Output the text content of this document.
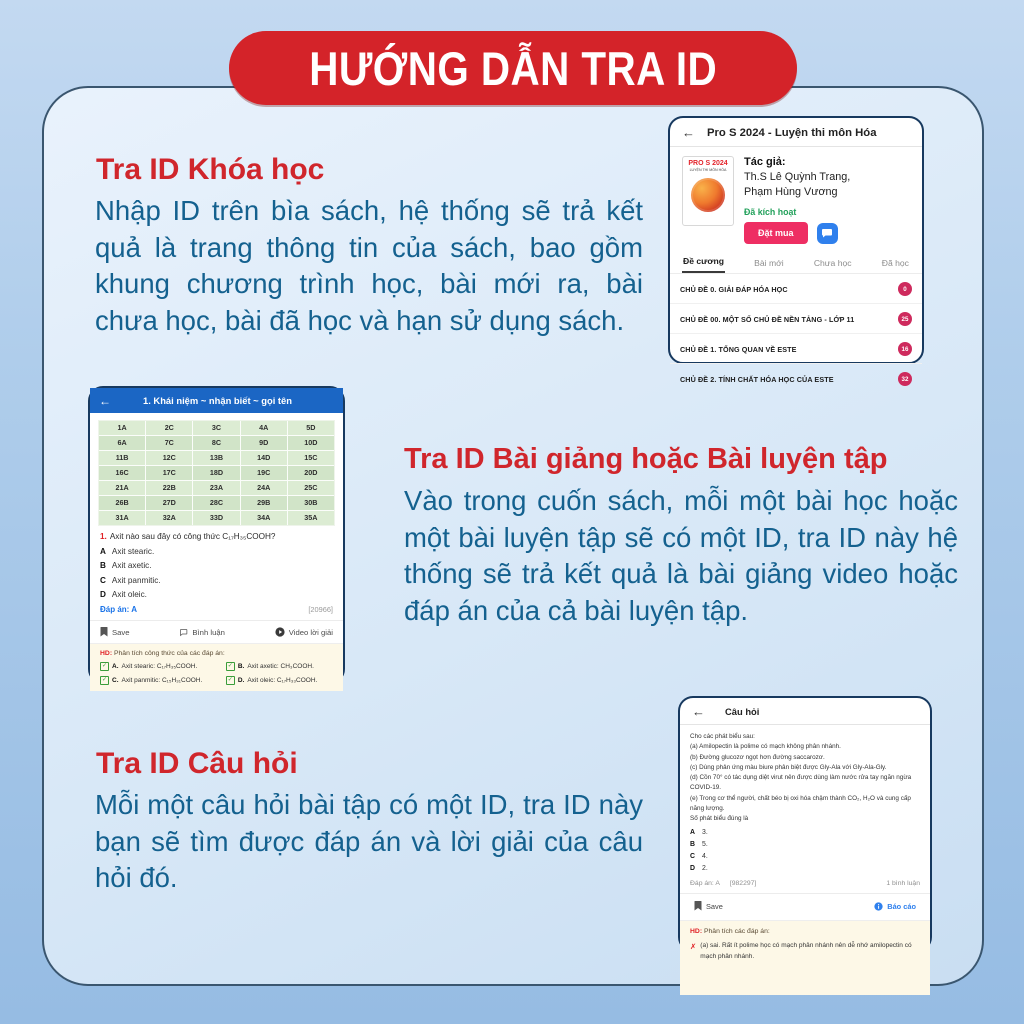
HƯỚNG DẪN TRA ID
Tra ID Khóa học
Nhập ID trên bìa sách, hệ thống sẽ trả kết quả là trang thông tin của sách, bao gồm khung chương trình học, bài mới ra, bài chưa học, bài đã học và hạn sử dụng sách.
Tra ID Bài giảng hoặc Bài luyện tập
Vào trong cuốn sách, mỗi một bài học hoặc một bài luyện tập sẽ có một ID, tra ID này hệ thống sẽ trả kết quả là bài giảng video hoặc đáp án của cả bài luyện tập.
Tra ID Câu hỏi
Mỗi một câu hỏi bài tập có một ID, tra ID này bạn sẽ tìm được đáp án và lời giải của câu hỏi đó.
← Pro S 2024 - Luyện thi môn Hóa
PRO S 2024
LUYỆN THI MÔN HÓA
Tác giả:
Th.S Lê Quỳnh Trang, Phạm Hùng Vương
Đã kích hoạt
Đặt mua
Đề cương	Bài mới	Chưa học	Đã học
CHỦ ĐỀ 0. GIẢI ĐÁP HÓA HỌC	0
CHỦ ĐỀ 00. MỘT SỐ CHỦ ĐỀ NỀN TẢNG - LỚP 11	25
CHỦ ĐỀ 1. TỔNG QUAN VỀ ESTE	16
CHỦ ĐỀ 2. TÍNH CHẤT HÓA HỌC CỦA ESTE	32
←	1. Khái niệm ~ nhận biết ~ gọi tên
1A	2C	3C	4A	5D
6A	7C	8C	9D	10D
11B	12C	13B	14D	15C
16C	17C	18D	19C	20D
21A	22B	23A	24A	25C
26B	27D	28C	29B	30B
31A	32A	33D	34A	35A
1. Axit nào sau đây có công thức C₁₇H₃₅COOH?
A Axit stearic.
B Axit axetic.
C Axit panmitic.
D Axit oleic.
Đáp án: A	[20966]
Save	Bình luận	Video lời giải
HD: Phân tích công thức của các đáp án:
✓ A. Axit stearic: C₁₇H₃₅COOH.	✓ B. Axit axetic: CH₃COOH.
✓ C. Axit panmitic: C₁₅H₃₁COOH.	✓ D. Axit oleic: C₁₇H₃₃COOH.
← Câu hỏi
Cho các phát biểu sau:
(a) Amilopectin là polime có mạch không phân nhánh.
(b) Đường glucozơ ngọt hơn đường saccarozơ.
(c) Dùng phản ứng màu biure phân biệt được Gly-Ala với Gly-Ala-Gly.
(d) Cồn 70° có tác dụng diệt virut nên được dùng làm nước rửa tay ngăn ngừa COVID-19.
(e) Trong cơ thể người, chất béo bị oxi hóa chậm thành CO₂, H₂O và cung cấp năng lượng.
Số phát biểu đúng là
A 3.
B 5.
C 4.
D 2.
Đáp án: A [982297]	1 bình luận
Save	Báo cáo
HD: Phân tích các đáp án:
✗ (a) sai. Rất ít polime học có mạch phân nhánh nên dễ nhớ amilopectin có mạch phân nhánh.
